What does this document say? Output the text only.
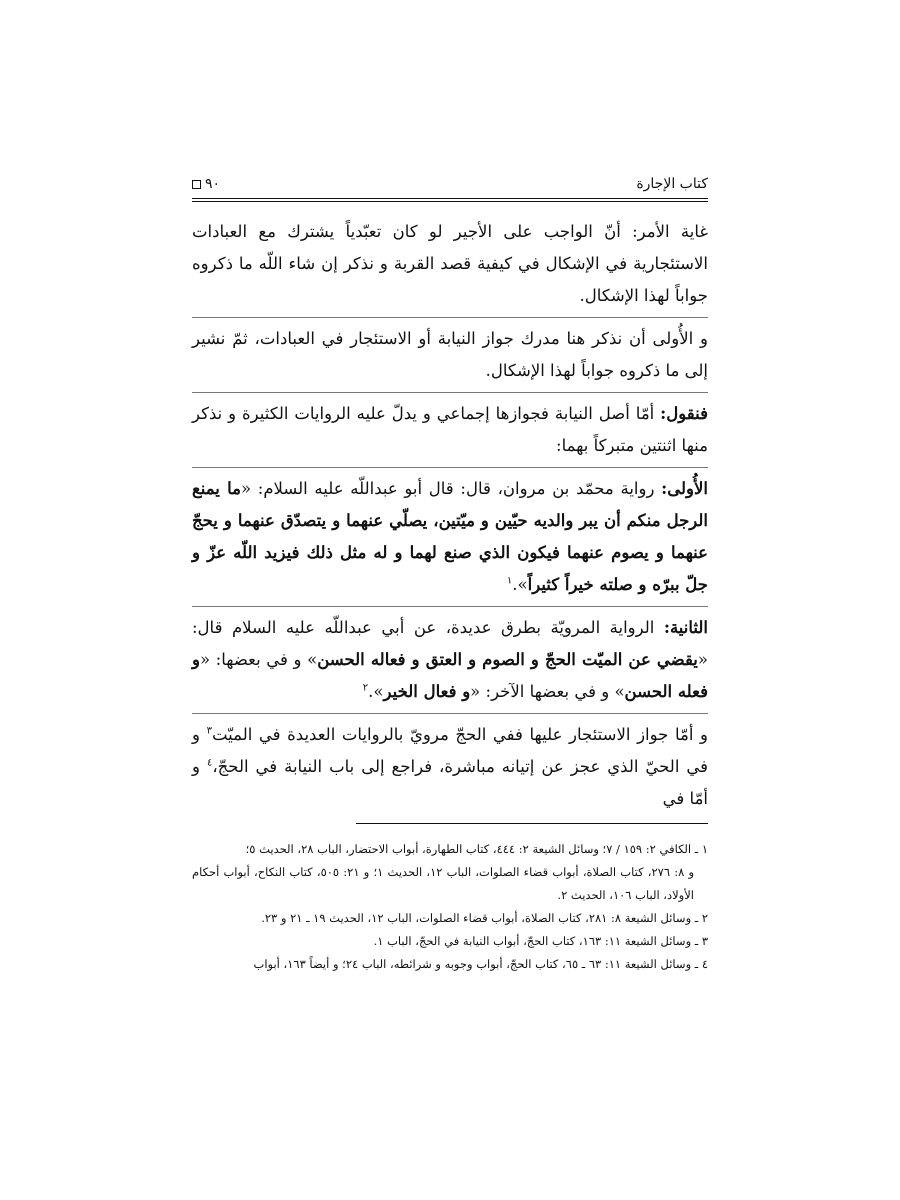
كتاب الإجارة
٩٠

غاية الأمر: أنّ الواجب على الأجير لو كان تعبّدياً يشترك مع العبادات الاستئجارية في الإشكال في كيفية قصد القربة و نذكر إن شاء اللّه ما ذكروه جواباً لهذا الإشكال.

و الأُولى أن نذكر هنا مدرك جواز النيابة أو الاستئجار في العبادات، ثمّ نشير إلى ما ذكروه جواباً لهذا الإشكال.

فنقول: أمّا أصل النيابة فجوازها إجماعي و يدلّ عليه الروايات الكثيرة و نذكر منها اثنتين متبركاً بهما:

الأُولى: رواية محمّد بن مروان، قال: قال أبو عبداللّه عليه السلام: «ما يمنع الرجل منكم أن يبر والديه حيّين و ميّتين، يصلّي عنهما و يتصدّق عنهما و يحجّ عنهما و يصوم عنهما فيكون الذي صنع لهما و له مثل ذلك فيزيد اللّه عزّ و جلّ ببرّه و صلته خيراً كثيراً».$^١$

الثانية: الرواية المرويّة بطرق عديدة، عن أبي عبداللّه عليه السلام قال: «يقضي عن الميّت الحجّ و الصوم و العتق و فعاله الحسن» و في بعضها: «و فعله الحسن» و في بعضها الآخر: «و فعال الخير».$^٢$

و أمّا جواز الاستئجار عليها ففي الحجّ مرويّ بالروايات العديدة في الميّت$^٣$ و في الحيّ الذي عجز عن إتيانه مباشرة، فراجع إلى باب النيابة في الحجّ،$^٤$ و أمّا في

١ ـ الكافي ٢: ١٥٩ / ٧؛ وسائل الشيعة ٢: ٤٤٤، كتاب الطهارة، أبواب الاحتضار، الباب ٢٨، الحديث ٥؛

و ٨: ٢٧٦، كتاب الصلاة، أبواب قضاء الصلوات، الباب ١٢، الحديث ١؛ و ٢١: ٥٠٥، كتاب النكاح، أبواب أحكام الأولاد، الباب ١٠٦، الحديث ٢.

٢ ـ وسائل الشيعة ٨: ٢٨١، كتاب الصلاة، أبواب قضاء الصلوات، الباب ١٢، الحديث ١٩ ـ ٢١ و ٢٣.

٣ ـ وسائل الشيعة ١١: ١٦٣، كتاب الحجّ، أبواب النيابة في الحجّ، الباب ١.

٤ ـ وسائل الشيعة ١١: ٦٣ ـ ٦٥، كتاب الحجّ، أبواب وجوبه و شرائطه، الباب ٢٤؛ و أيضاً ١٦٣، أبواب
